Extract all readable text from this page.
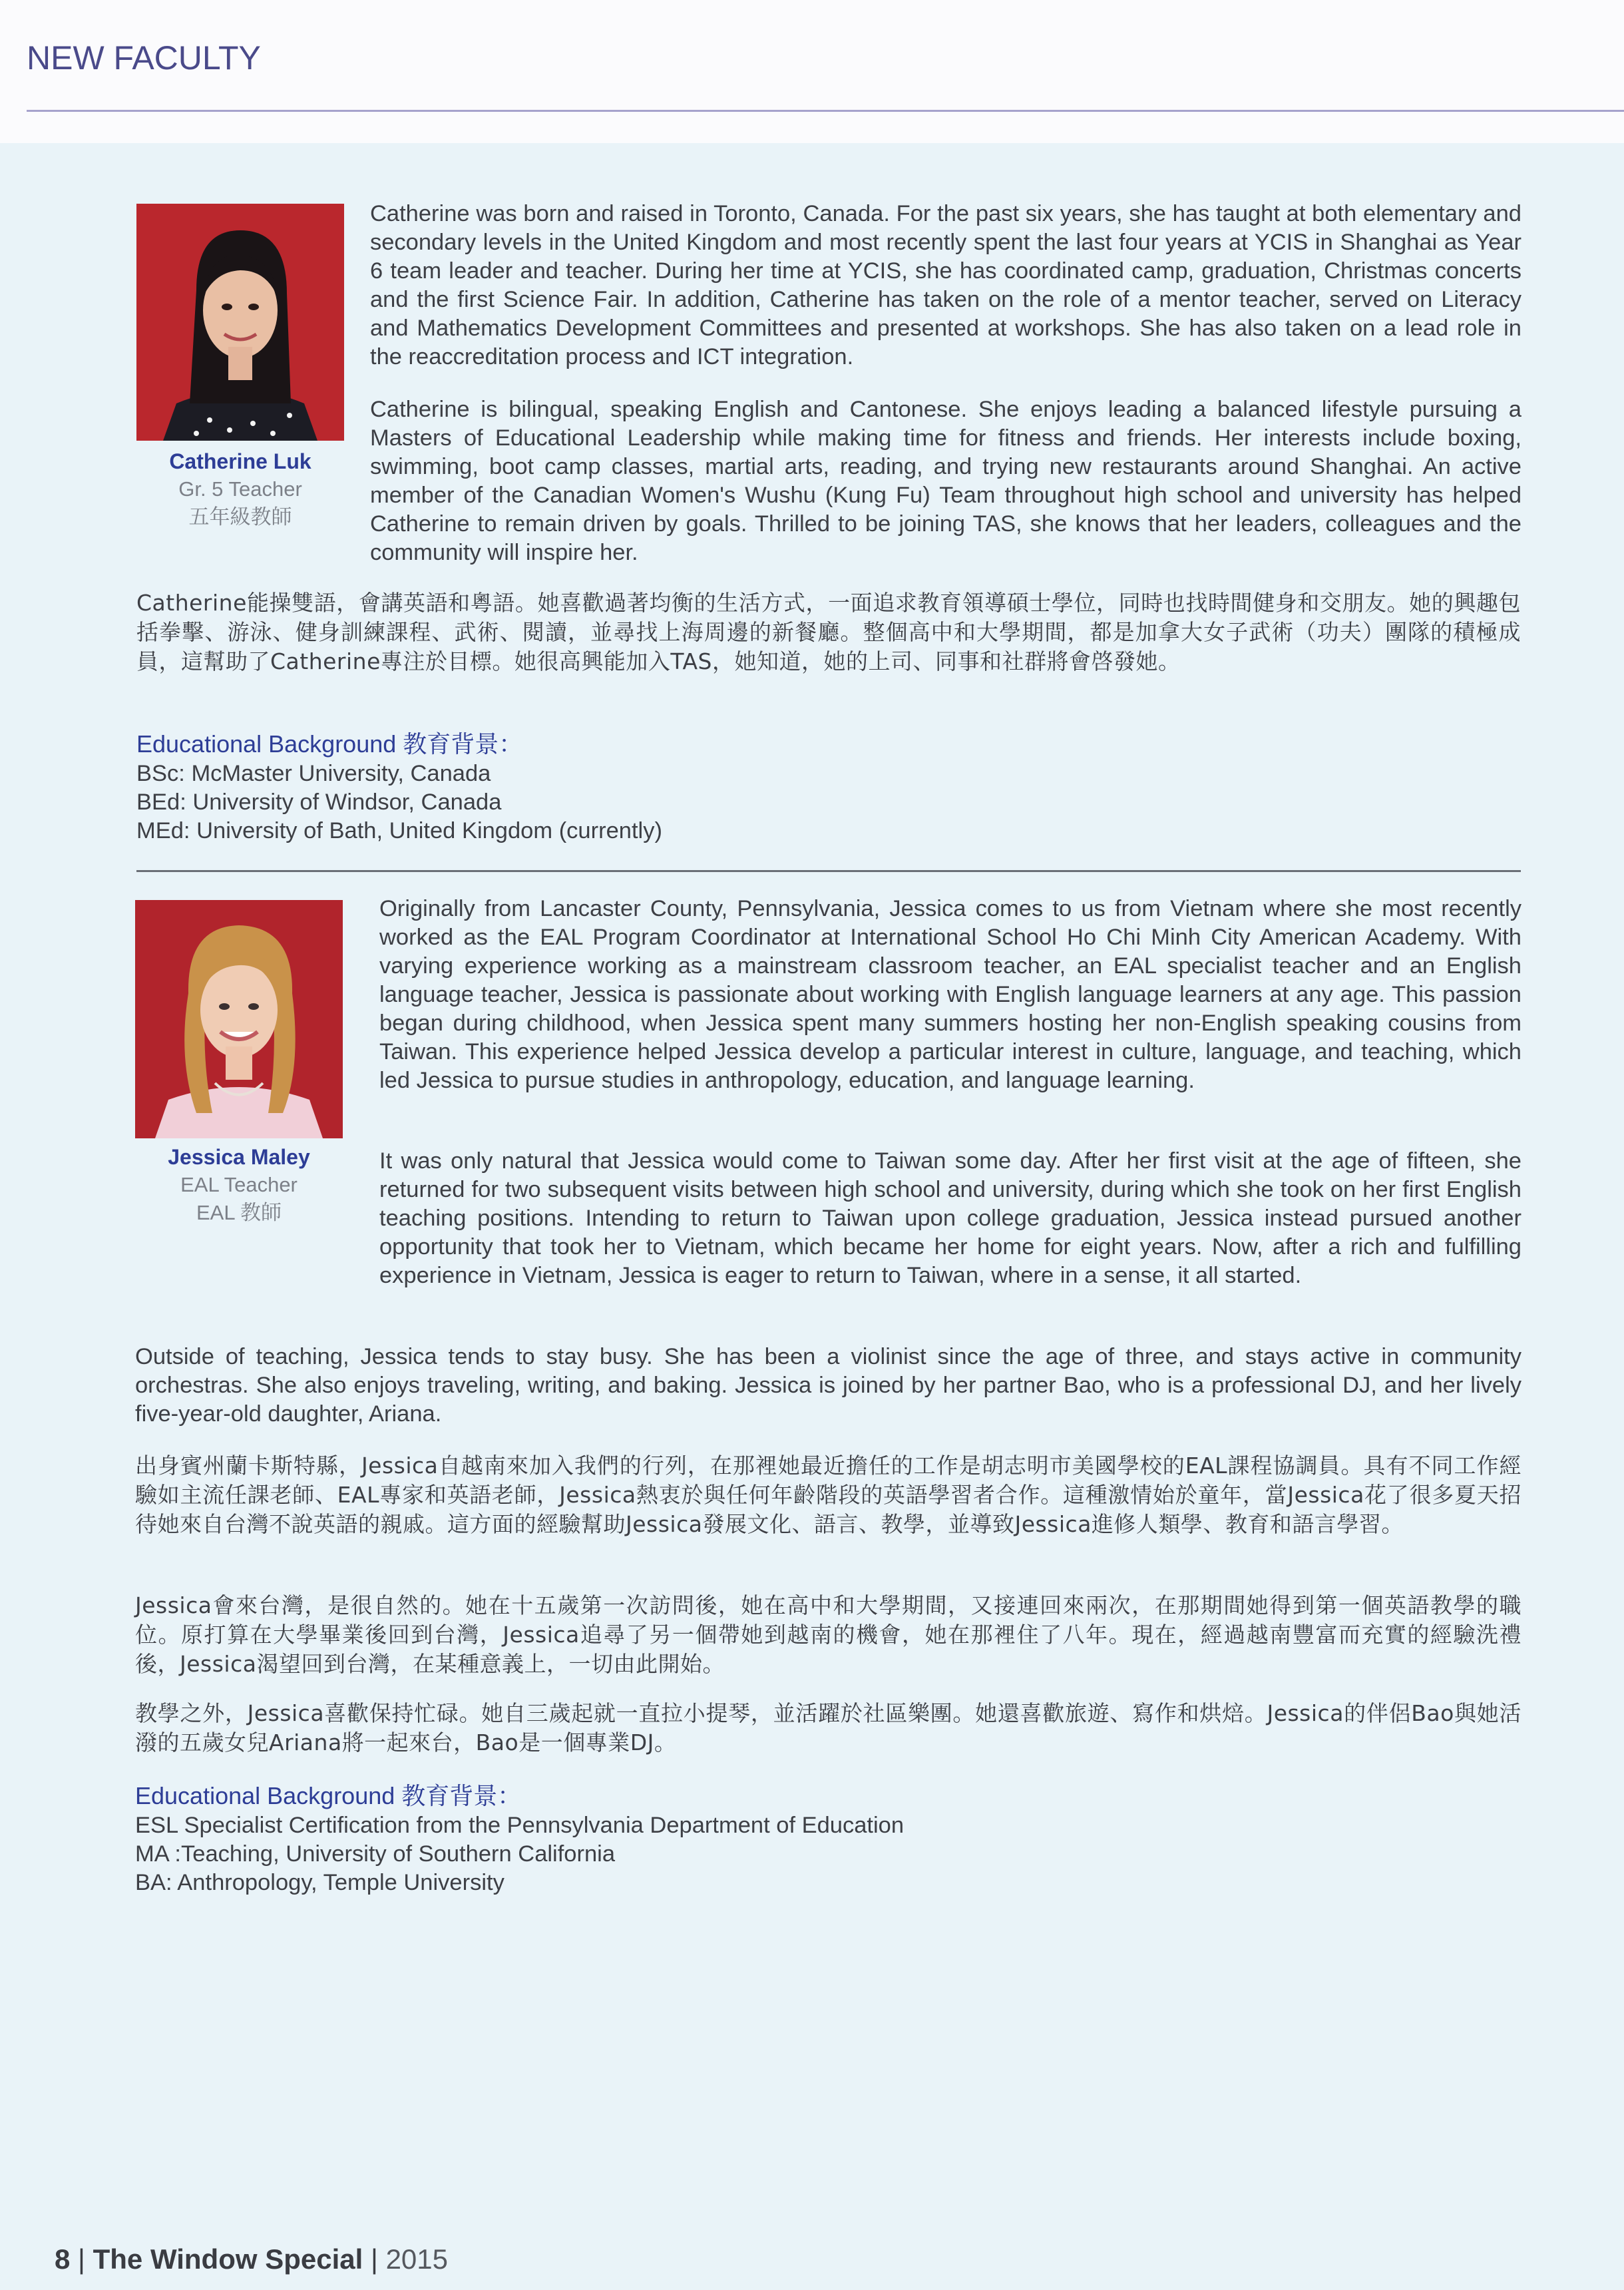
NEW FACULTY
Catherine Luk
Gr. 5 Teacher
五年級教師

Catherine was born and raised in Toronto, Canada. For the past six years, she has taught at both elementary and secondary levels in the United Kingdom and most recently spent the last four years at YCIS in Shanghai as Year 6 team leader and teacher. During her time at YCIS, she has coordinated camp, graduation, Christmas concerts and the first Science Fair. In addition, Catherine has taken on the role of a mentor teacher, served on Literacy and Mathematics Development Committees and presented at workshops. She has also taken on a lead role in the reaccreditation process and ICT integration.

Catherine is bilingual, speaking English and Cantonese. She enjoys leading a balanced lifestyle pursuing a Masters of Educational Leadership while making time for fitness and friends. Her interests include boxing, swimming, boot camp classes, martial arts, reading, and trying new restaurants around Shanghai. An active member of the Canadian Women's Wushu (Kung Fu) Team throughout high school and university has helped Catherine to remain driven by goals. Thrilled to be joining TAS, she knows that her leaders, colleagues and the community will inspire her.

Catherine能操雙語，會講英語和粵語。她喜歡過著均衡的生活方式，一面追求教育領導碩士學位，同時也找時間健身和交朋友。她的興趣包括拳擊、游泳、健身訓練課程、武術、閱讀，並尋找上海周邊的新餐廳。整個高中和大學期間，都是加拿大女子武術（功夫）團隊的積極成員，這幫助了Catherine專注於目標。她很高興能加入TAS，她知道，她的上司、同事和社群將會啓發她。

Educational Background 教育背景：
BSc: McMaster University, Canada
BEd: University of Windsor, Canada
MEd: University of Bath, United Kingdom (currently)
Jessica Maley
EAL Teacher
EAL 教師

Originally from Lancaster County, Pennsylvania, Jessica comes to us from Vietnam where she most recently worked as the EAL Program Coordinator at International School Ho Chi Minh City American Academy. With varying experience working as a mainstream classroom teacher, an EAL specialist teacher and an English language teacher, Jessica is passionate about working with English language learners at any age. This passion began during childhood, when Jessica spent many summers hosting her non-English speaking cousins from Taiwan. This experience helped Jessica develop a particular interest in culture, language, and teaching, which led Jessica to pursue studies in anthropology, education, and language learning.

It was only natural that Jessica would come to Taiwan some day. After her first visit at the age of fifteen, she returned for two subsequent visits between high school and university, during which she took on her first English teaching positions. Intending to return to Taiwan upon college graduation, Jessica instead pursued another opportunity that took her to Vietnam, which became her home for eight years. Now, after a rich and fulfilling experience in Vietnam, Jessica is eager to return to Taiwan, where in a sense, it all started.

Outside of teaching, Jessica tends to stay busy. She has been a violinist since the age of three, and stays active in community orchestras. She also enjoys traveling, writing, and baking. Jessica is joined by her partner Bao, who is a professional DJ, and her lively five-year-old daughter, Ariana.

出身賓州蘭卡斯特縣，Jessica自越南來加入我們的行列，在那裡她最近擔任的工作是胡志明市美國學校的EAL課程協調員。具有不同工作經驗如主流任課老師、EAL專家和英語老師，Jessica熱衷於與任何年齡階段的英語學習者合作。這種激情始於童年，當Jessica花了很多夏天招待她來自台灣不說英語的親戚。這方面的經驗幫助Jessica發展文化、語言、教學，並導致Jessica進修人類學、教育和語言學習。

Jessica會來台灣，是很自然的。她在十五歲第一次訪問後，她在高中和大學期間，又接連回來兩次，在那期間她得到第一個英語教學的職位。原打算在大學畢業後回到台灣，Jessica追尋了另一個帶她到越南的機會，她在那裡住了八年。現在，經過越南豐富而充實的經驗洗禮後，Jessica渴望回到台灣，在某種意義上，一切由此開始。

教學之外，Jessica喜歡保持忙碌。她自三歲起就一直拉小提琴，並活躍於社區樂團。她還喜歡旅遊、寫作和烘焙。Jessica的伴侶Bao與她活潑的五歲女兒Ariana將一起來台，Bao是一個專業DJ。

Educational Background 教育背景：
ESL Specialist Certification from the Pennsylvania Department of Education
MA :Teaching, University of Southern California
BA: Anthropology, Temple University
8 | The Window Special | 2015
